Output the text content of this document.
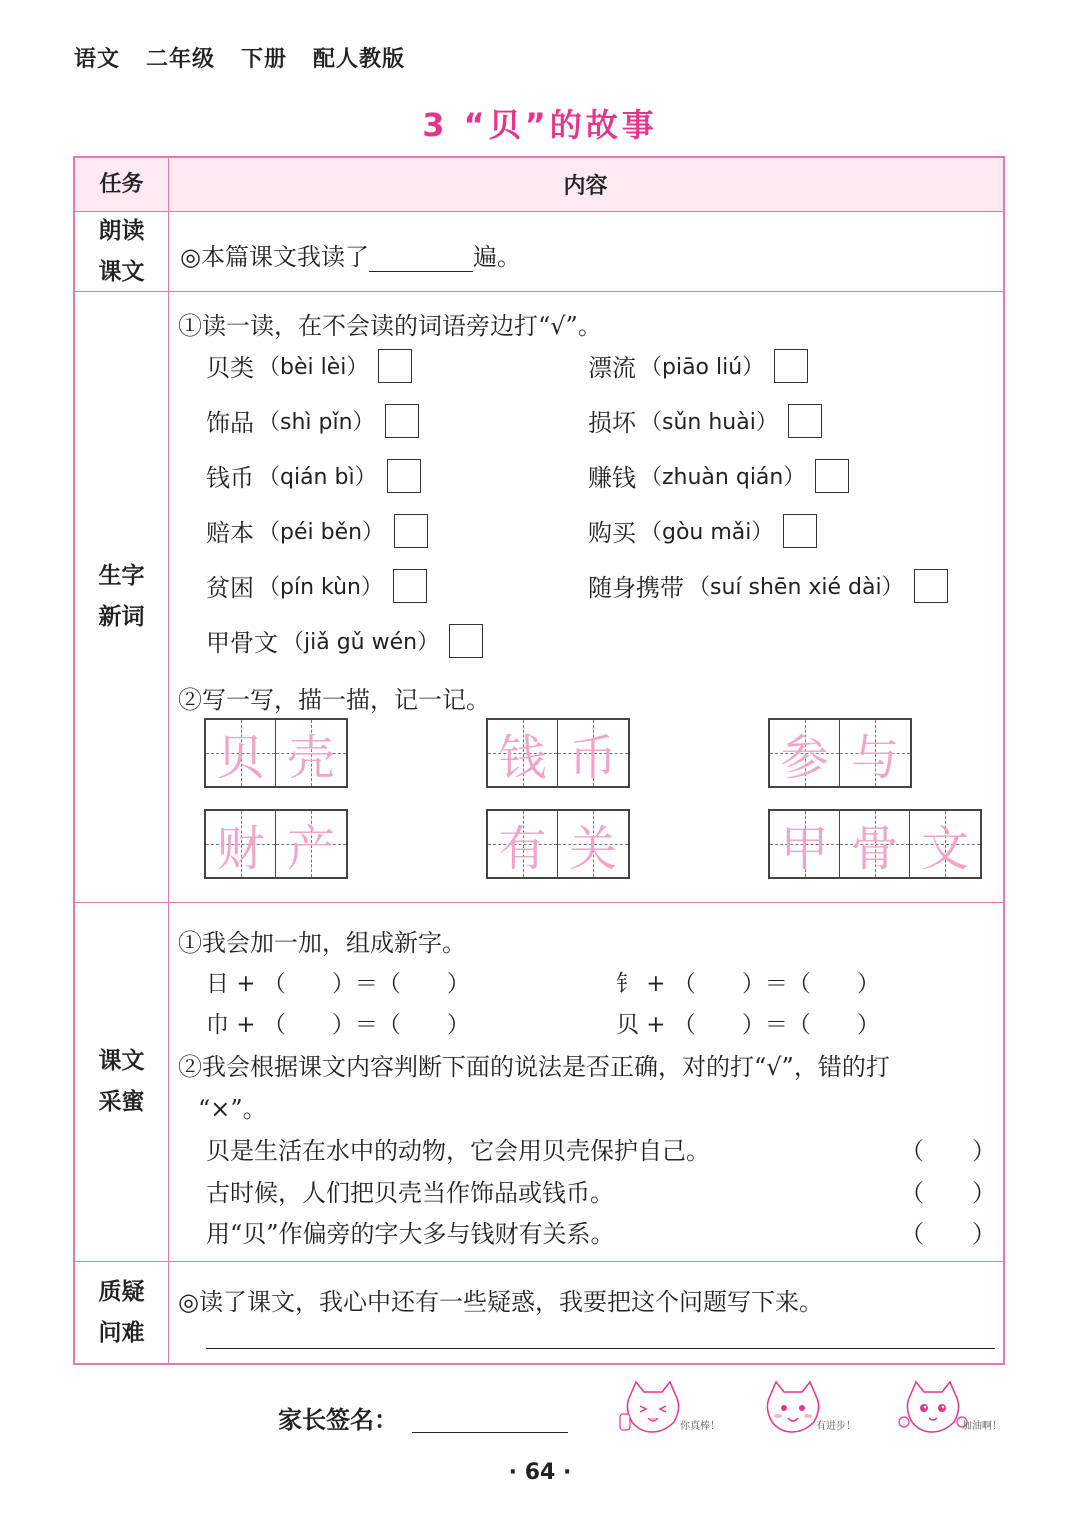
语文 二年级 下册 配人教版
3 “贝”的故事
任务	内容
朗读
课文
◎本篇课文我读了	遍。
生字
新词
①读一读，在不会读的词语旁边打“√”。
贝类 （bèi lèi）	漂流 （piāo liú）
饰品 （shì pǐn）	损坏 （sǔn huài）
钱币 （qián bì）	赚钱 （zhuàn qián）
赔本 （péi běn）	购买 （gòu mǎi）
贫困 （pín kùn）	随身携带 （suí shēn xié dài）
甲骨文 （jiǎ gǔ wén）
②写一写，描一描，记一记。
贝 壳	钱 币	参 与
财 产	有 关	甲 骨 文
课文
采蜜
①我会加一加，组成新字。
日 + （　　）＝（　　）	钅 + （　　）＝（　　）
巾 + （　　）＝（　　）	贝 + （　　）＝（　　）
②我会根据课文内容判断下面的说法是否正确，对的打“√”，错的打
“×”。
贝是生活在水中的动物，它会用贝壳保护自己。	（　　）
古时候，人们把贝壳当作饰品或钱币。	（　　）
用“贝”作偏旁的字大多与钱财有关系。	（　　）
质疑
问难
◎读了课文，我心中还有一些疑惑，我要把这个问题写下来。
家长签名：	你真棒！	有进步！	加油啊！
· 64 ·
